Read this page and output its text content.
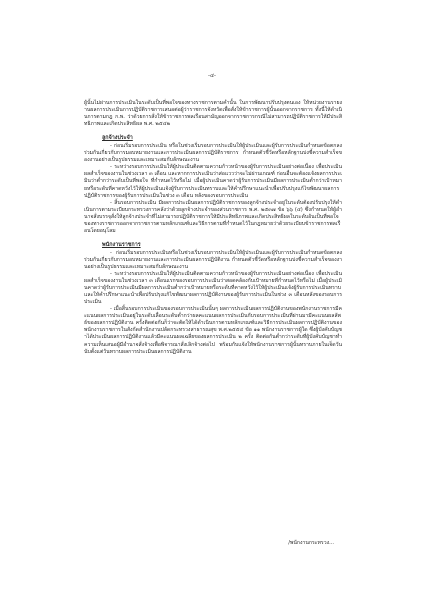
-๔-

ผู้นั้นไม่ผ่านการประเมินในระดับเป็นที่พอใจของทางราชการตามคำนั้น ในการพัฒนาปรับปรุงตนเอง ให้หน่วยงานรายงานผลการประเมินการปฏิบัติราชการเสนอต่อผู้ว่าราชการจังหวัดเพื่อสั่งให้ข้าราชการผู้นั้นออกจากราชการ ทั้งนี้ให้ดำเนินการตามกฎ ก.พ. ว่าด้วยการสั่งให้ข้าราชการพลเรือนสามัญออกจากราชการกรณีไม่สามารถปฏิบัติราชการให้มีประสิทธิภาพและเกิดประสิทธิผล พ.ศ. ๒๕๔๒

ลูกจ้างประจำ

- ก่อนเริ่มรอบการประเมิน หรือในช่วงเริ่มรอบการประเมินให้ผู้ประเมินและผู้รับการประเมินกำหนดข้อตกลงร่วมกันเกี่ยวกับการมอบหมายงานและการประเมินผลการปฏิบัติราชการ กำหนดตัวชี้วัดหรือหลักฐานบ่งชี้ความสำเร็จของงานอย่างเป็นรูปธรรมและเหมาะสมกับลักษณะงาน

- ระหว่างรอบการประเมินให้ผู้ประเมินติดตามความก้าวหน้าของผู้รับการประเมินอย่างต่อเนื่อง เพื่อประเมินผลสำเร็จของงานในช่วงเวลา ๓ เดือน และหากการประเมินว่าส่อแววว่าจะไม่ผ่านเกณฑ์ ก่อนอื่นจะต้องแจ้งผลการประเมินว่าต่ำกว่าระดับเป็นที่พอใจ ที่กำหนดไว้หรือไม่ เมื่อผู้ประเมินคาดว่าผู้รับการประเมินมีผลการประเมินต่ำกว่าเป้าหมายหรือระดับที่คาดหวังไว้ให้ผู้ประเมินแจ้งผู้รับการประเมินทราบและให้คำปรึกษาแนะนำเพื่อปรับปรุงแก้ไขพัฒนาผลการปฏิบัติราชการของผู้รับการประเมินในช่วง ๓ เดือน หลังของรอบการประเมิน

- สิ้นรอบการประเมิน มีผลการประเมินผลการปฏิบัติราชการของลูกจ้างประจำอยู่ในระดับต้องปรับปรุงให้ดำเนินการตามระเบียบกระทรวงการคลังว่าด้วยลูกจ้างประจำของส่วนราชการ พ.ศ. ๒๕๓๗ ข้อ ๖๖ (๔) ซึ่งกำหนดให้ผู้อำนาจสั่งบรรจุสั่งให้ลูกจ้างประจำที่ไม่สามารถปฏิบัติราชการให้มีประสิทธิภาพและเกิดประสิทธิผลในระดับอันเป็นที่พอใจของทางราชการออกจากราชการตามหลักเกณฑ์และวิธีการตามที่กำหนดไว้ในกฎหมายว่าด้วยระเบียบข้าราชการพลเรือนโดยอนุโลม

พนักงานราชการ

- ก่อนเริ่มรอบการประเมินหรือในช่วงเริ่มรอบการประเมินให้ผู้ประเมินและผู้รับการประเมินกำหนดข้อตกลงร่วมกันเกี่ยวกับการมอบหมายงานและการประเมินผลการปฏิบัติงาน กำหนดตัวชี้วัดหรือหลักฐานบ่งชี้ความสำเร็จของงานอย่างเป็นรูปธรรมและเหมาะสมกับลักษณะงาน

- ระหว่างรอบการประเมินให้ผู้ประเมินติดตามความก้าวหน้าของผู้รับการประเมินอย่างต่อเนื่อง เพื่อประเมินผลสำเร็จของงานในช่วงเวลา ๓ เดือนแรกของรอบการประเมินว่าสอดคล้องกับเป้าหมายที่กำหนดไว้หรือไม่ เมื่อผู้ประเมินคาดว่าผู้รับการประเมินมีผลการประเมินต่ำกว่าเป้าหมายหรือระดับที่คาดหวังไว้ให้ผู้ประเมินแจ้งผู้รับการประเมินทราบและให้คำปรึกษาแนะนำเพื่อปรับปรุงแก้ไขพัฒนาผลการปฏิบัติงานของผู้รับการประเมินในช่วง ๓ เดือนหลังของรอบการประเมิน

- เมื่อสิ้นรอบการประเมินของรอบการประเมินนั้นๆ ผลการประเมินผลการปฏิบัติงานของพนักงานราชการมีคะแนนผลการประเมินอยู่ในระดับเลื่อนระดับต่ำกว่าผลคะแนนผลการประเมินกับรอบการประเมินที่ผ่านมามีคะแนนผลลัพธ์ของผลการปฏิบัติงาน ครั้งติดต่อกันก็ว่าจะตัดให้ได้ดำเนินการตามหลักเกณฑ์และวิธีการประเมินผลการปฏิบัติงานของพนักงานราชการในสังกัดสำนักงานปลัดกระทรวงสาธารณสุข พ.ศ.๒๕๕๔ ข้อ ๑๑ พนักงานราชการผู้ใด ซึ่งผู้บังคับบัญชาได้ประเมินผลการปฏิบัติงานแล้วมีคะแนนผลเฉลี่ยของผลการประเมิน ๒ ครั้ง ติดต่อกันต่ำกว่าระดับที่ผู้บังคับบัญชาทำความเห็นเสนอผู้มีอำนาจสั่งจ้างเพื่อพิจารณาสั่งเลิกจ้างต่อไป พร้อมกับแจ้งให้พนักงานราชการผู้นั้นทราบภายในเจ็ดวันนับตั้งแต่วันทราบผลการประเมินผลการปฏิบัติงาน

/พนักงานกระทรวง...
